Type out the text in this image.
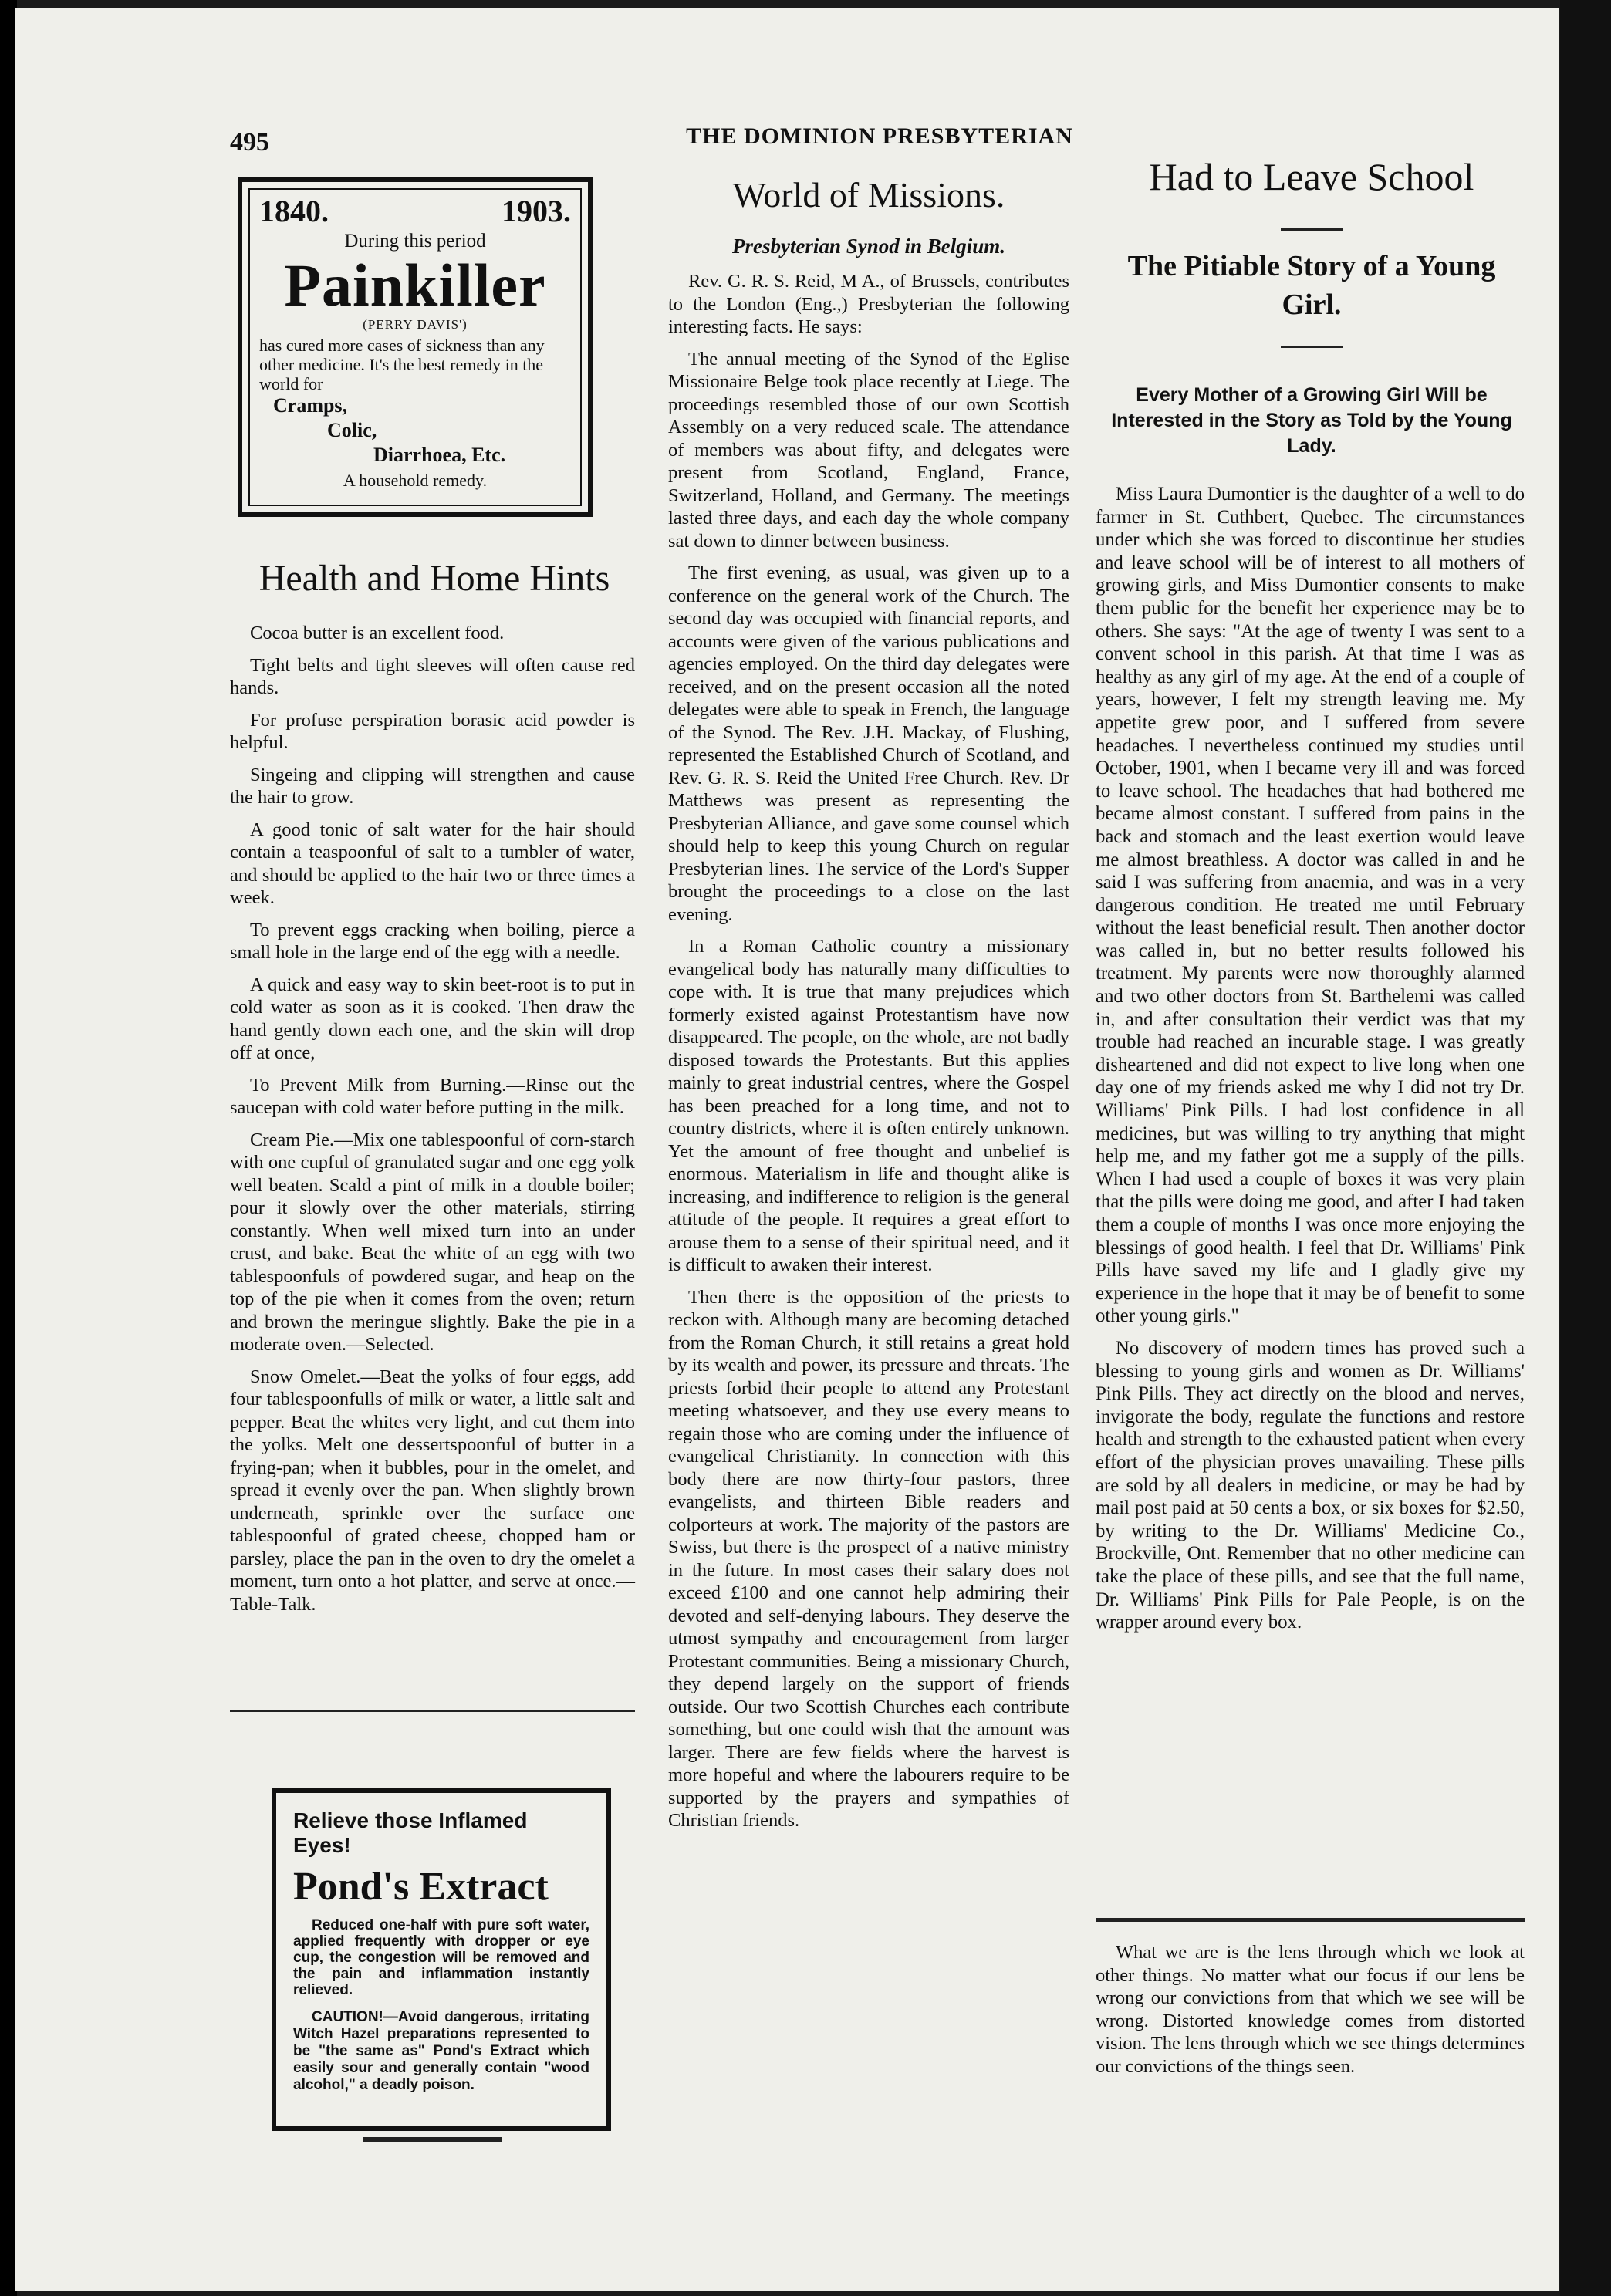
495	THE DOMINION PRESBYTERIAN
1840.	1903.
During this period
Painkiller
(PERRY DAVIS')
has cured more cases of sickness than any other medicine. It's the best remedy in the world for
Cramps,
Colic,
Diarrhoea, Etc.
A household remedy.
Health and Home Hints

Cocoa butter is an excellent food.

Tight belts and tight sleeves will often cause red hands.

For profuse perspiration borasic acid powder is helpful.

Singeing and clipping will strengthen and cause the hair to grow.

A good tonic of salt water for the hair should contain a teaspoonful of salt to a tumbler of water, and should be applied to the hair two or three times a week.

To prevent eggs cracking when boiling, pierce a small hole in the large end of the egg with a needle.

A quick and easy way to skin beet-root is to put in cold water as soon as it is cooked. Then draw the hand gently down each one, and the skin will drop off at once,

To Prevent Milk from Burning.—Rinse out the saucepan with cold water before putting in the milk.

Cream Pie.—Mix one tablespoonful of corn-starch with one cupful of granulated sugar and one egg yolk well beaten. Scald a pint of milk in a double boiler; pour it slowly over the other materials, stirring constantly. When well mixed turn into an under crust, and bake. Beat the white of an egg with two tablespoonfuls of powdered sugar, and heap on the top of the pie when it comes from the oven; return and brown the meringue slightly. Bake the pie in a moderate oven.—Selected.

Snow Omelet.—Beat the yolks of four eggs, add four tablespoonfulls of milk or water, a little salt and pepper. Beat the whites very light, and cut them into the yolks. Melt one dessertspoonful of butter in a frying-pan; when it bubbles, pour in the omelet, and spread it evenly over the pan. When slightly brown underneath, sprinkle over the surface one tablespoonful of grated cheese, chopped ham or parsley, place the pan in the oven to dry the omelet a moment, turn onto a hot platter, and serve at once.—Table-Talk.

Relieve those Inflamed Eyes!
Pond's Extract
Reduced one-half with pure soft water, applied frequently with dropper or eye cup, the congestion will be removed and the pain and inflammation instantly relieved.
CAUTION!—Avoid dangerous, irritating Witch Hazel preparations represented to be "the same as" Pond's Extract which easily sour and generally contain "wood alcohol," a deadly poison.
World of Missions.
Presbyterian Synod in Belgium.

Rev. G. R. S. Reid, M A., of Brussels, contributes to the London (Eng.,) Presbyterian the following interesting facts. He says:

The annual meeting of the Synod of the Eglise Missionaire Belge took place recently at Liege. The proceedings resembled those of our own Scottish Assembly on a very reduced scale. The attendance of members was about fifty, and delegates were present from Scotland, England, France, Switzerland, Holland, and Germany. The meetings lasted three days, and each day the whole company sat down to dinner between business.

The first evening, as usual, was given up to a conference on the general work of the Church. The second day was occupied with financial reports, and accounts were given of the various publications and agencies employed. On the third day delegates were received, and on the present occasion all the noted delegates were able to speak in French, the language of the Synod. The Rev. J.H. Mackay, of Flushing, represented the Established Church of Scotland, and Rev. G. R. S. Reid the United Free Church. Rev. Dr Matthews was present as representing the Presbyterian Alliance, and gave some counsel which should help to keep this young Church on regular Presbyterian lines. The service of the Lord's Supper brought the proceedings to a close on the last evening.

In a Roman Catholic country a missionary evangelical body has naturally many difficulties to cope with. It is true that many prejudices which formerly existed against Protestantism have now disappeared. The people, on the whole, are not badly disposed towards the Protestants. But this applies mainly to great industrial centres, where the Gospel has been preached for a long time, and not to country districts, where it is often entirely unknown. Yet the amount of free thought and unbelief is enormous. Materialism in life and thought alike is increasing, and indifference to religion is the general attitude of the people. It requires a great effort to arouse them to a sense of their spiritual need, and it is difficult to awaken their interest.

Then there is the opposition of the priests to reckon with. Although many are becoming detached from the Roman Church, it still retains a great hold by its wealth and power, its pressure and threats. The priests forbid their people to attend any Protestant meeting whatsoever, and they use every means to regain those who are coming under the influence of evangelical Christianity. In connection with this body there are now thirty-four pastors, three evangelists, and thirteen Bible readers and colporteurs at work. The majority of the pastors are Swiss, but there is the prospect of a native ministry in the future. In most cases their salary does not exceed £100 and one cannot help admiring their devoted and self-denying labours. They deserve the utmost sympathy and encouragement from larger Protestant communities. Being a missionary Church, they depend largely on the support of friends outside. Our two Scottish Churches each contribute something, but one could wish that the amount was larger. There are few fields where the harvest is more hopeful and where the labourers require to be supported by the prayers and sympathies of Christian friends.

Had to Leave School
The Pitiable Story of a Young Girl.
Every Mother of a Growing Girl Will be Interested in the Story as Told by the Young Lady.

Miss Laura Dumontier is the daughter of a well to do farmer in St. Cuthbert, Quebec. The circumstances under which she was forced to discontinue her studies and leave school will be of interest to all mothers of growing girls, and Miss Dumontier consents to make them public for the benefit her experience may be to others. She says: "At the age of twenty I was sent to a convent school in this parish. At that time I was as healthy as any girl of my age. At the end of a couple of years, however, I felt my strength leaving me. My appetite grew poor, and I suffered from severe headaches. I nevertheless continued my studies until October, 1901, when I became very ill and was forced to leave school. The headaches that had bothered me became almost constant. I suffered from pains in the back and stomach and the least exertion would leave me almost breathless. A doctor was called in and he said I was suffering from anaemia, and was in a very dangerous condition. He treated me until February without the least beneficial result. Then another doctor was called in, but no better results followed his treatment. My parents were now thoroughly alarmed and two other doctors from St. Barthelemi was called in, and after consultation their verdict was that my trouble had reached an incurable stage. I was greatly disheartened and did not expect to live long when one day one of my friends asked me why I did not try Dr. Williams' Pink Pills. I had lost confidence in all medicines, but was willing to try anything that might help me, and my father got me a supply of the pills. When I had used a couple of boxes it was very plain that the pills were doing me good, and after I had taken them a couple of months I was once more enjoying the blessings of good health. I feel that Dr. Williams' Pink Pills have saved my life and I gladly give my experience in the hope that it may be of benefit to some other young girls."

No discovery of modern times has proved such a blessing to young girls and women as Dr. Williams' Pink Pills. They act directly on the blood and nerves, invigorate the body, regulate the functions and restore health and strength to the exhausted patient when every effort of the physician proves unavailing. These pills are sold by all dealers in medicine, or may be had by mail post paid at 50 cents a box, or six boxes for $2.50, by writing to the Dr. Williams' Medicine Co., Brockville, Ont. Remember that no other medicine can take the place of these pills, and see that the full name, Dr. Williams' Pink Pills for Pale People, is on the wrapper around every box.

What we are is the lens through which we look at other things. No matter what our focus if our lens be wrong our convictions from that which we see will be wrong. Distorted knowledge comes from distorted vision. The lens through which we see things determines our convictions of the things seen.
